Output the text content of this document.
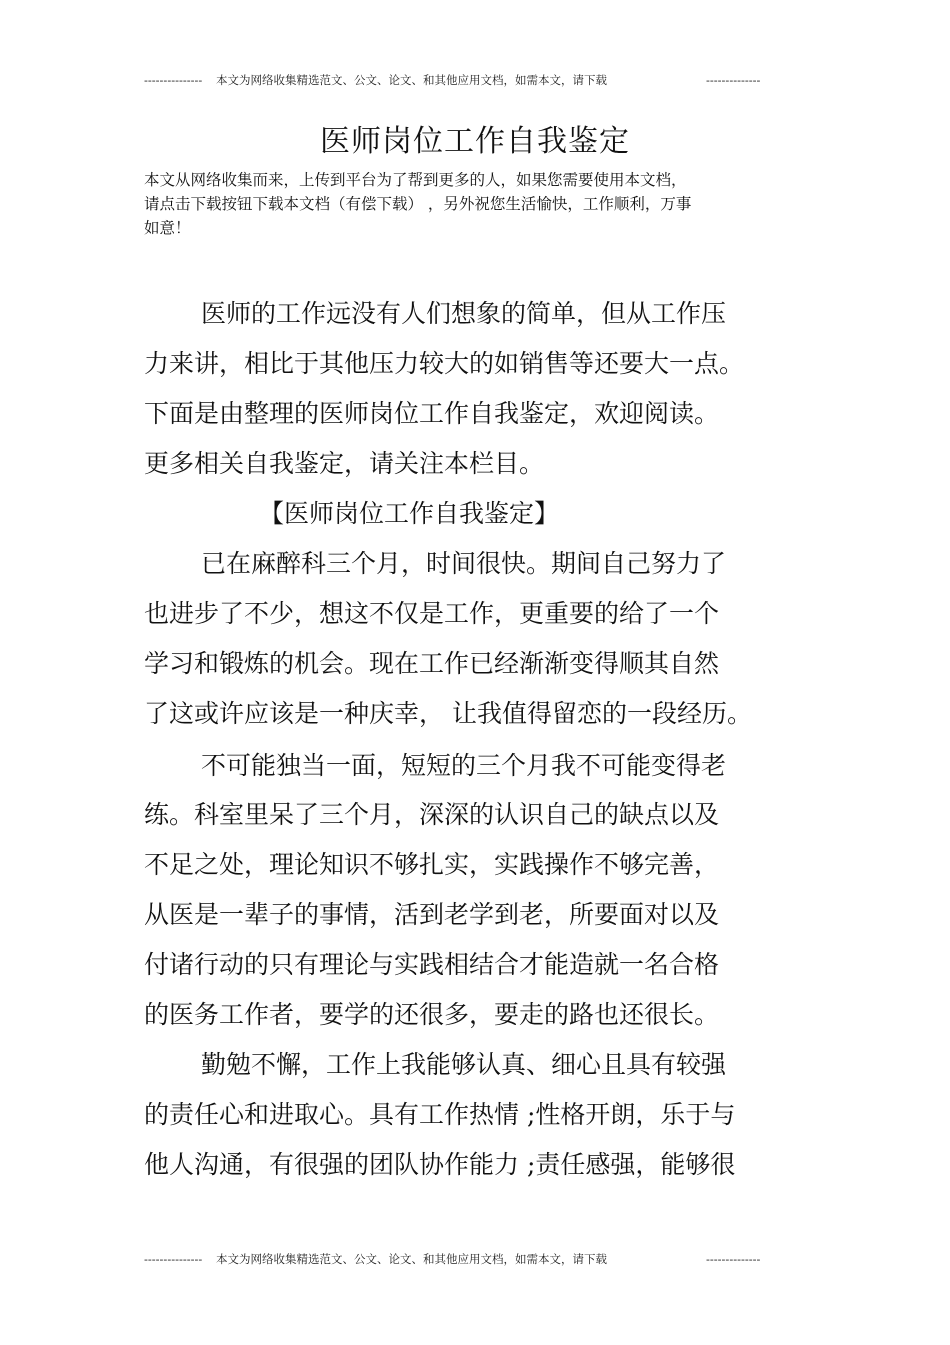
--------------- 本文为网络收集精选范文、公文、论文、和其他应用文档，如需本文，请下载	--------------
医师岗位工作自我鉴定
本文从网络收集而来，上传到平台为了帮到更多的人，如果您需要使用本文档，
请点击下载按钮下载本文档（有偿下载） ，另外祝您生活愉快，工作顺利，万事
如意！
医师的工作远没有人们想象的简单，但从工作压
力来讲，相比于其他压力较大的如销售等还要大一点。
下面是由整理的医师岗位工作自我鉴定，欢迎阅读。
更多相关自我鉴定，请关注本栏目。
【医师岗位工作自我鉴定】
已在麻醉科三个月，时间很快。期间自己努力了
也进步了不少，想这不仅是工作，更重要的给了一个
学习和锻炼的机会。现在工作已经渐渐变得顺其自然
了这或许应该是一种庆幸， 让我值得留恋的一段经历。
不可能独当一面，短短的三个月我不可能变得老
练。科室里呆了三个月，深深的认识自己的缺点以及
不足之处，理论知识不够扎实，实践操作不够完善，
从医是一辈子的事情，活到老学到老，所要面对以及
付诸行动的只有理论与实践相结合才能造就一名合格
的医务工作者，要学的还很多，要走的路也还很长。
勤勉不懈，工作上我能够认真、细心且具有较强
的责任心和进取心。具有工作热情 ;性格开朗，乐于与
他人沟通，有很强的团队协作能力 ;责任感强，能够很
--------------- 本文为网络收集精选范文、公文、论文、和其他应用文档，如需本文，请下载	--------------
